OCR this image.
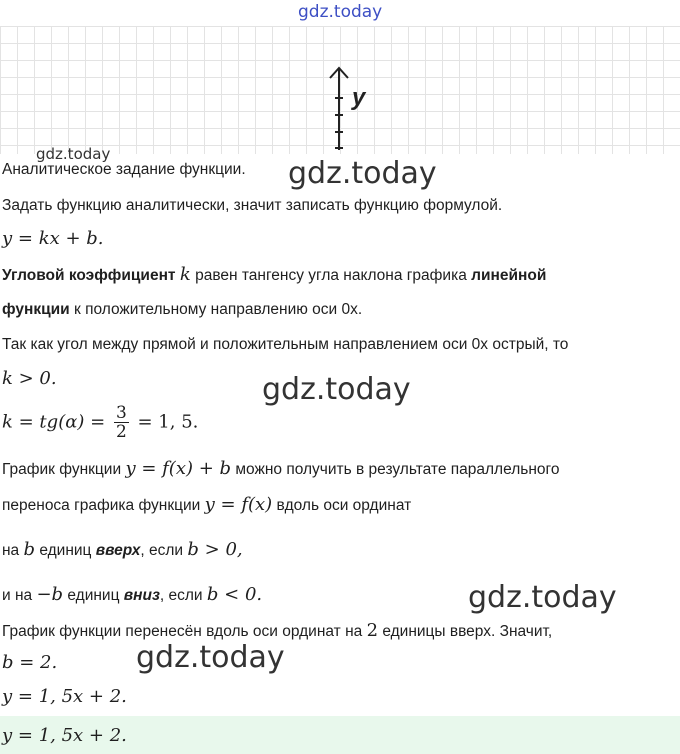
gdz.today
y
gdz.today
Аналитическое задание функции. gdz.today
Задать функцию аналитически, значит записать функцию формулой.
y = kx + b.
Угловой коэффициент k равен тангенсу угла наклона графика линейной
функции к положительному направлению оси 0х.
Так как угол между прямой и положительным направлением оси 0х острый, то
k > 0.	gdz.today
$k = tg(\alpha) = \frac{3}{2} = 1$, 5.
График функции y = f(x) + b можно получить в результате параллельного
переноса графика функции y = f(x) вдоль оси ординат
на b единиц вверх, если b > 0,
и на −b единиц вниз, если b < 0.	gdz.today
График функции перенесён вдоль оси ординат на 2 единицы вверх. Значит,
b = 2.	gdz.today
y = 1, 5x + 2.
y = 1, 5x + 2.
